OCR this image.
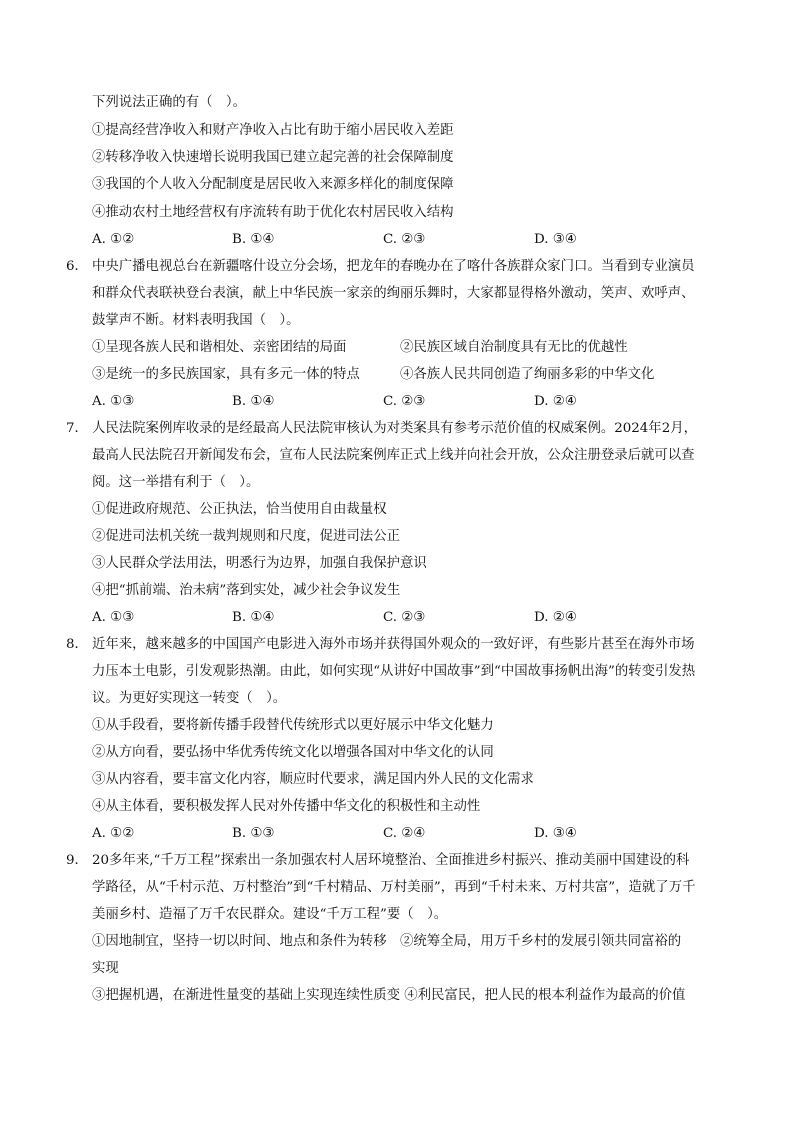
下列说法正确的有（　）。
①提高经营净收入和财产净收入占比有助于缩小居民收入差距
②转移净收入快速增长说明我国已建立起完善的社会保障制度
③我国的个人收入分配制度是居民收入来源多样化的制度保障
④推动农村土地经营权有序流转有助于优化农村居民收入结构
A. ①②	B. ①④	C. ②③	D. ③④
6． 中央广播电视总台在新疆喀什设立分会场，把龙年的春晚办在了喀什各族群众家门口。当看到专业演员
和群众代表联袂登台表演，献上中华民族一家亲的绚丽乐舞时，大家都显得格外激动，笑声、欢呼声、
鼓掌声不断。材料表明我国（　）。
①呈现各族人民和谐相处、亲密团结的局面	②民族区域自治制度具有无比的优越性
③是统一的多民族国家，具有多元一体的特点	④各族人民共同创造了绚丽多彩的中华文化
A. ①③	B. ①④	C. ②③	D. ②④
7． 人民法院案例库收录的是经最高人民法院审核认为对类案具有参考示范价值的权威案例。2024年2月，
最高人民法院召开新闻发布会，宣布人民法院案例库正式上线并向社会开放，公众注册登录后就可以查
阅。这一举措有利于（　）。
①促进政府规范、公正执法，恰当使用自由裁量权
②促进司法机关统一裁判规则和尺度，促进司法公正
③人民群众学法用法，明悉行为边界，加强自我保护意识
④把“抓前端、治未病”落到实处，减少社会争议发生
A. ①③	B. ①④	C. ②③	D. ②④
8． 近年来，越来越多的中国国产电影进入海外市场并获得国外观众的一致好评，有些影片甚至在海外市场
力压本土电影，引发观影热潮。由此，如何实现“从讲好中国故事”到“中国故事扬帆出海”的转变引发热
议。为更好实现这一转变（　）。
①从手段看，要将新传播手段替代传统形式以更好展示中华文化魅力
②从方向看，要弘扬中华优秀传统文化以增强各国对中华文化的认同
③从内容看，要丰富文化内容，顺应时代要求，满足国内外人民的文化需求
④从主体看，要积极发挥人民对外传播中华文化的积极性和主动性
A. ①②	B. ①③	C. ②④	D. ③④
9． 20多年来,“千万工程”探索出一条加强农村人居环境整治、全面推进乡村振兴、推动美丽中国建设的科
学路径，从“千村示范、万村整治”到“千村精品、万村美丽”，再到“千村未来、万村共富”，造就了万千
美丽乡村、造福了万千农民群众。建设“千万工程”要（　）。
①因地制宜，坚持一切以时间、地点和条件为转移　②统筹全局，用万千乡村的发展引领共同富裕的
实现
③把握机遇，在渐进性量变的基础上实现连续性质变 ④利民富民，把人民的根本利益作为最高的价值
